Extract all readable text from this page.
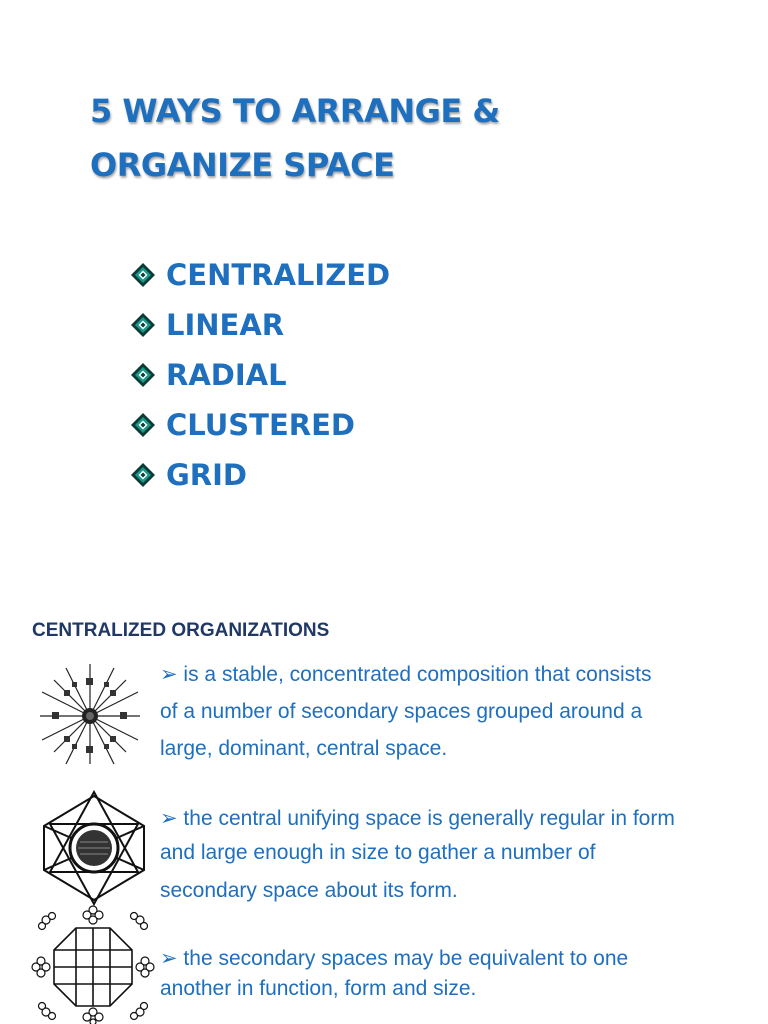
5 WAYS TO ARRANGE &
ORGANIZE SPACE
CENTRALIZED
LINEAR
RADIAL
CLUSTERED
GRID
CENTRALIZED ORGANIZATIONS
➢ is a stable, concentrated composition that consists
of a number of secondary spaces grouped around a
large, dominant, central space.
➢ the central unifying space is generally regular in form
and large enough in size to gather a number of
secondary space about its form.
➢ the secondary spaces may be equivalent to one
another in function, form and size.
